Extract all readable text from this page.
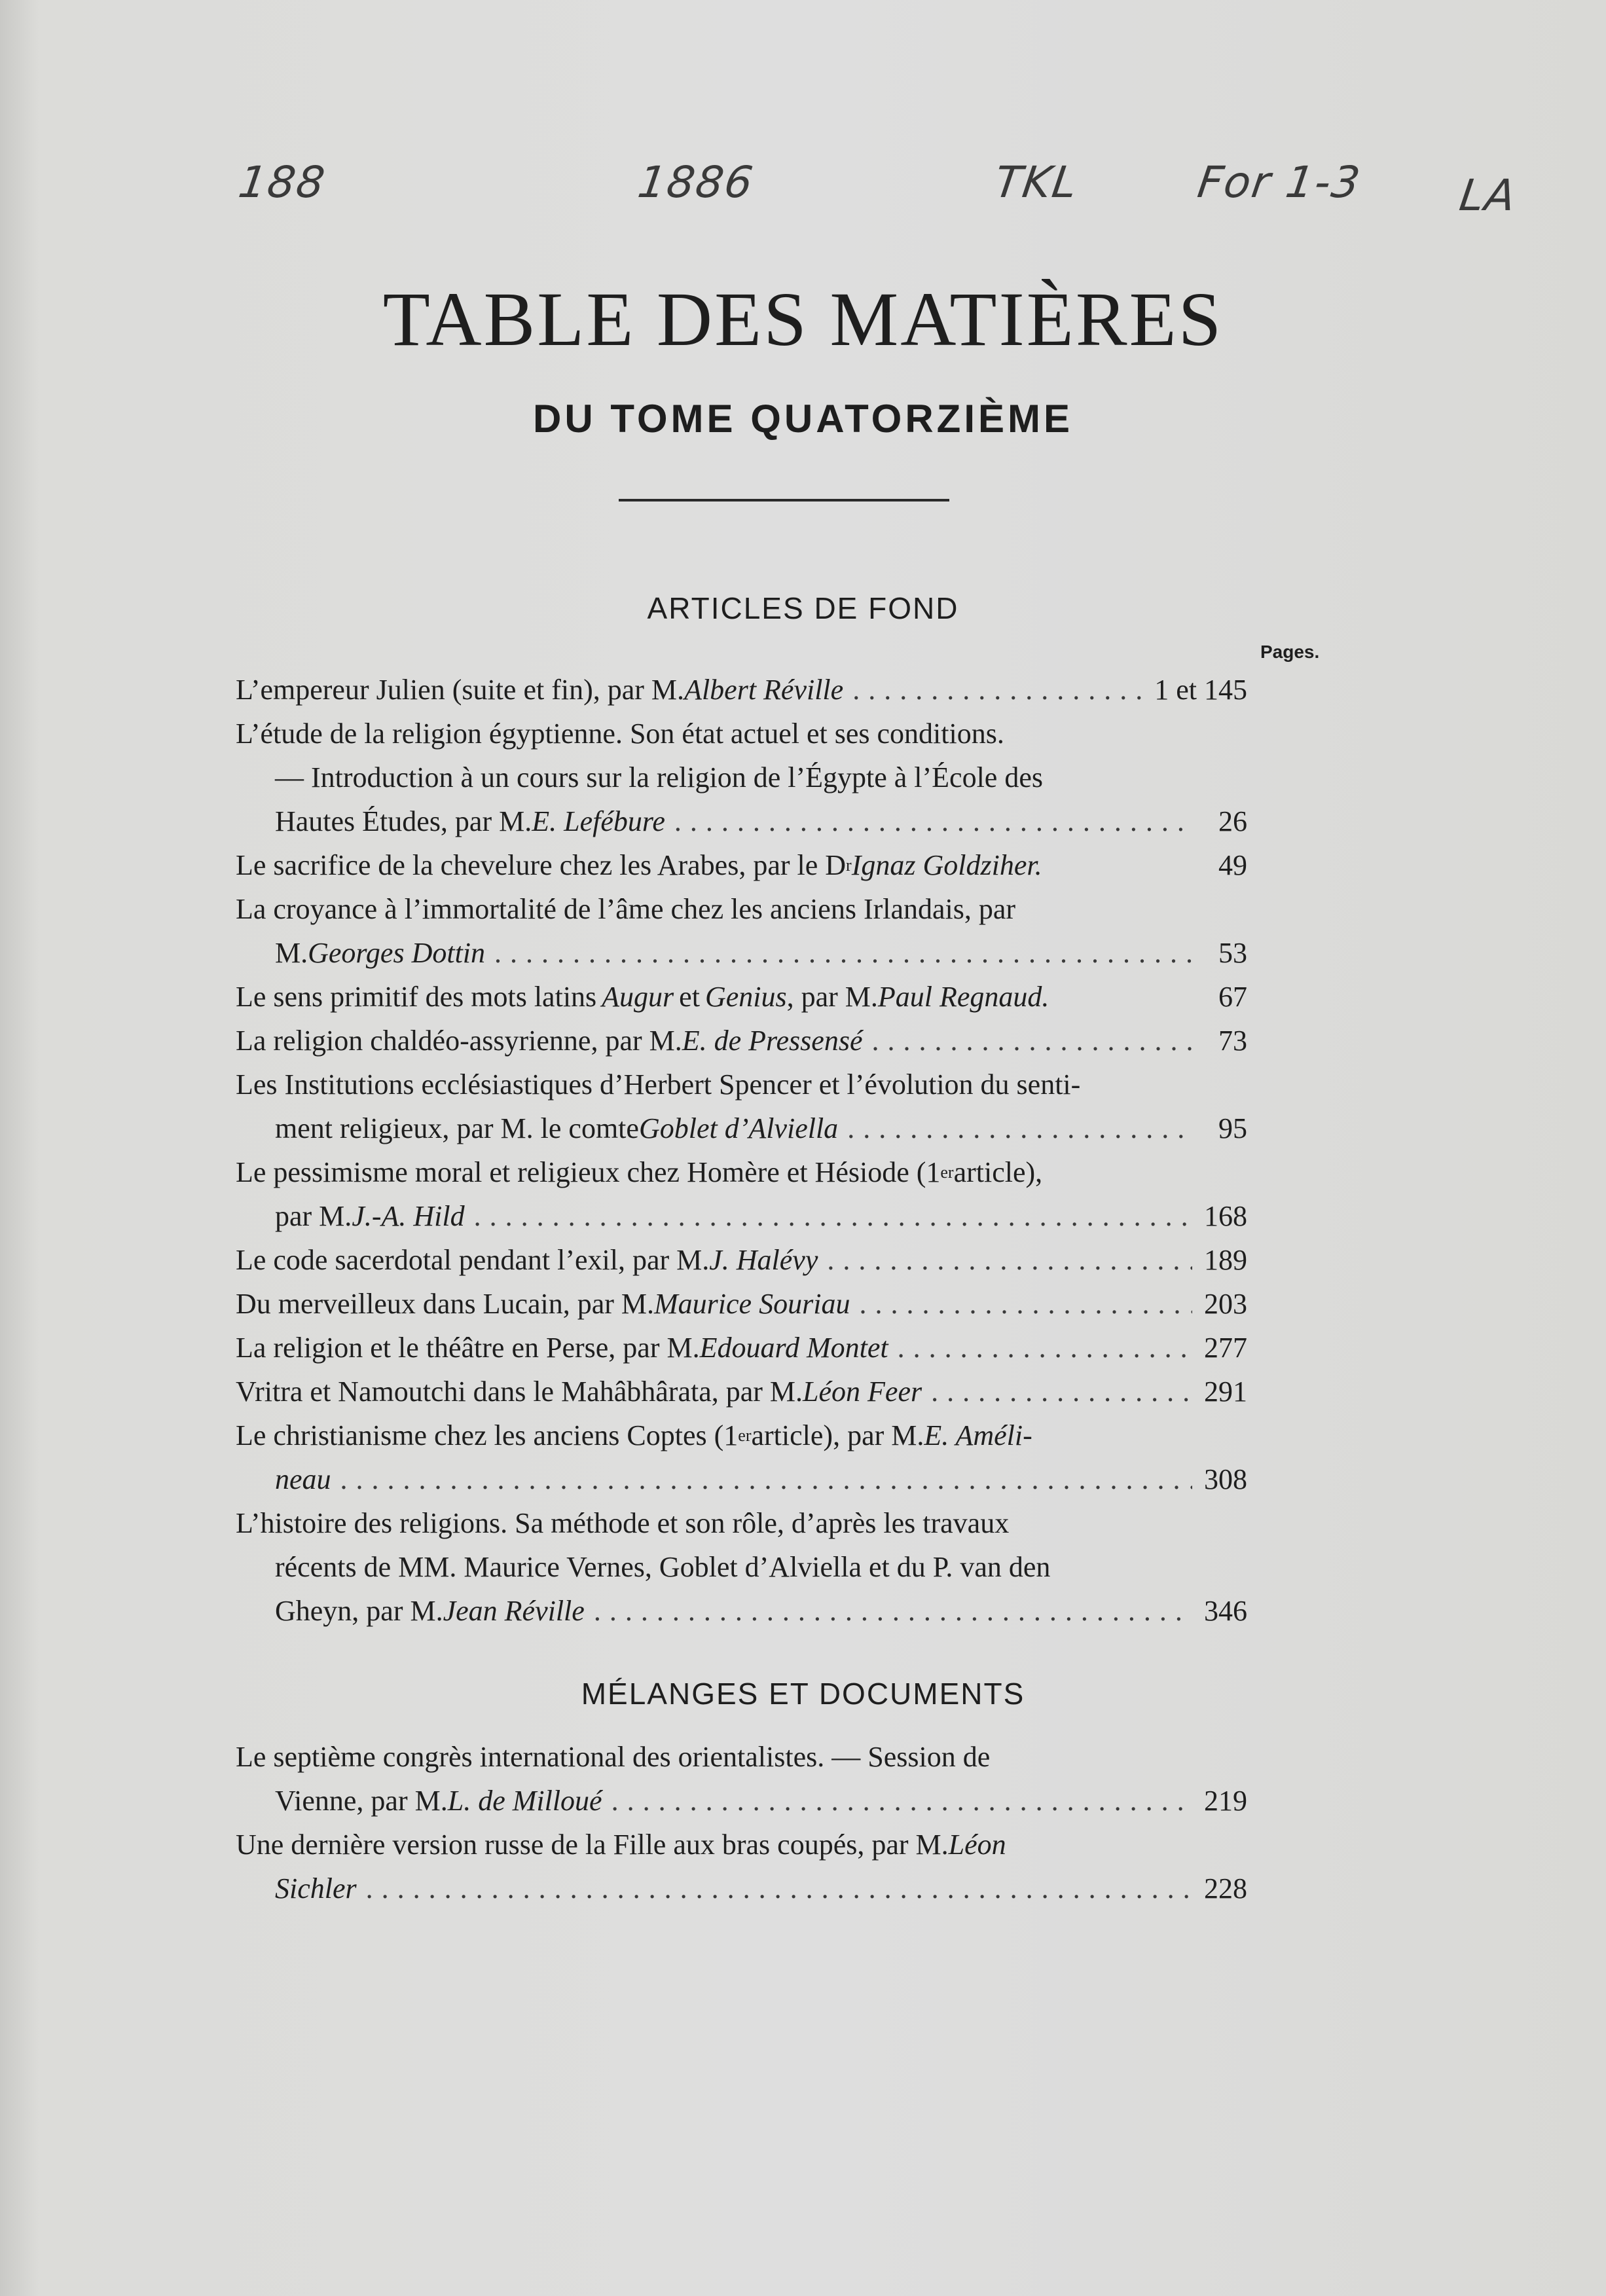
188	1886	TKL	For 1-3 LA
TABLE DES MATIÈRES
DU TOME QUATORZIÈME
ARTICLES DE FOND
Pages.
L’empereur Julien (suite et fin), par M. Albert Réville . . .	1 et 145
L’étude de la religion égyptienne. Son état actuel et ses conditions.
— Introduction à un cours sur la religion de l’Égypte à l’École des
Hautes Études, par M. E. Lefébure . . .	26
Le sacrifice de la chevelure chez les Arabes, par le D r Ignaz Goldziher.	49
La croyance à l’immortalité de l’âme chez les anciens Irlandais, par
M. Georges Dottin . . .	53
Le sens primitif des mots latins Augur et Genius , par M. Paul Regnaud.	67
La religion chaldéo-assyrienne, par M. E. de Pressensé . . .	73
Les Institutions ecclésiastiques d’Herbert Spencer et l’évolution du senti-
ment religieux, par M. le comte Goblet d’Alviella . . .	95
Le pessimisme moral et religieux chez Homère et Hésiode (1 er article),
par M. J.-A. Hild . . .	168
Le code sacerdotal pendant l’exil, par M. J. Halévy . . .	189
Du merveilleux dans Lucain, par M. Maurice Souriau . . .	203
La religion et le théâtre en Perse, par M. Edouard Montet . . .	277
Vritra et Namoutchi dans le Mahâbhârata, par M. Léon Feer . . .	291
Le christianisme chez les anciens Coptes (1 er article), par M. E. Améli-
neau . . .	308
L’histoire des religions. Sa méthode et son rôle, d’après les travaux
récents de MM. Maurice Vernes, Goblet d’Alviella et du P. van den
Gheyn, par M. Jean Réville . . .	346
MÉLANGES ET DOCUMENTS
Le septième congrès international des orientalistes. — Session de
Vienne, par M. L. de Milloué . . .	219
Une dernière version russe de la Fille aux bras coupés, par M. Léon
Sichler . . .	228
